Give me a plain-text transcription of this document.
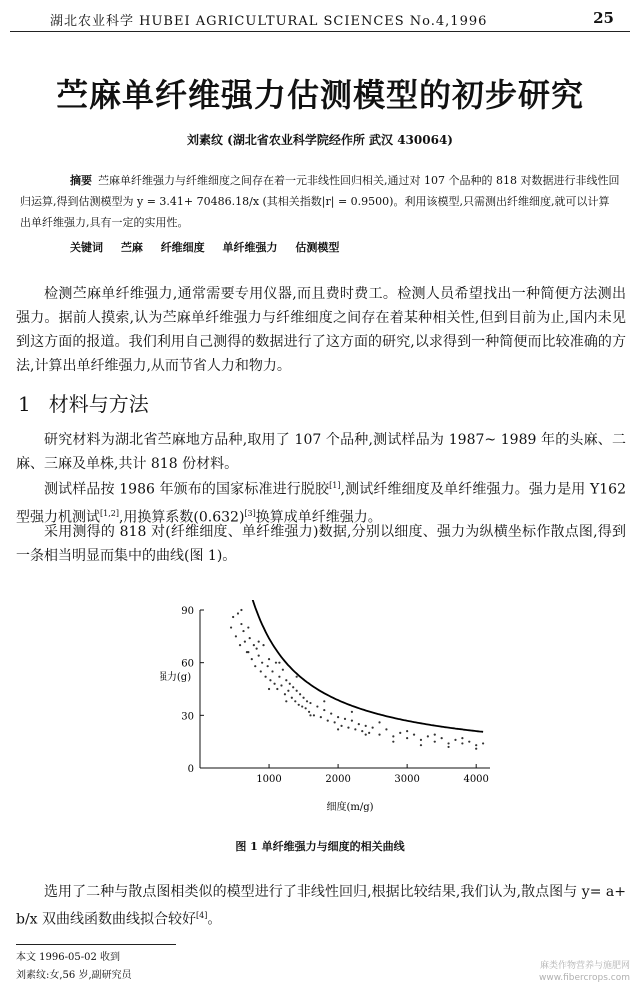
湖北农业科学 HUBEI AGRICULTURAL SCIENCES No.4,1996	25
苎麻单纤维强力估测模型的初步研究
刘素纹 (湖北省农业科学院经作所 武汉 430064)

摘要 苎麻单纤维强力与纤维细度之间存在着一元非线性回归相关,通过对 107 个品种的 818 对数据进行非线性回归运算,得到估测模型为 y = 3.41+ 70486.18/x (其相关指数|r| = 0.9500)。利用该模型,只需测出纤维细度,就可以计算出单纤维强力,具有一定的实用性。

关键词 苎麻 纤维细度 单纤维强力 估测模型

检测苎麻单纤维强力,通常需要专用仪器,而且费时费工。检测人员希望找出一种简便方法测出强力。据前人摸索,认为苎麻单纤维强力与纤维细度之间存在着某种相关性,但到目前为止,国内未见到这方面的报道。我们利用自己测得的数据进行了这方面的研究,以求得到一种简便而比较准确的方法,计算出单纤维强力,从而节省人力和物力。

1 材料与方法

研究材料为湖北省苎麻地方品种,取用了 107 个品种,测试样品为 1987~ 1989 年的头麻、二麻、三麻及单株,共计 818 份材料。

测试样品按 1986 年颁布的国家标准进行脱胶[1],测试纤维细度及单纤维强力。强力是用 Y162 型强力机测试[1,2],用换算系数(0.632)[3]换算成单纤维强力。

采用测得的 818 对(纤维细度、单纤维强力)数据,分别以细度、强力为纵横坐标作散点图,得到一条相当明显而集中的曲线(图 1)。

0
30
60
90
1000	2000	3000	4000
强力(g)
细度(m/g)
图 1 单纤维强力与细度的相关曲线

选用了二种与散点图相类似的模型进行了非线性回归,根据比较结果,我们认为,散点图与 y= a+ b/x 双曲线函数曲线拟合较好[4]。

本文 1996-05-02 收到
刘素纹:女,56 岁,副研究员
麻类作物营养与施肥网
www.fibercrops.com
